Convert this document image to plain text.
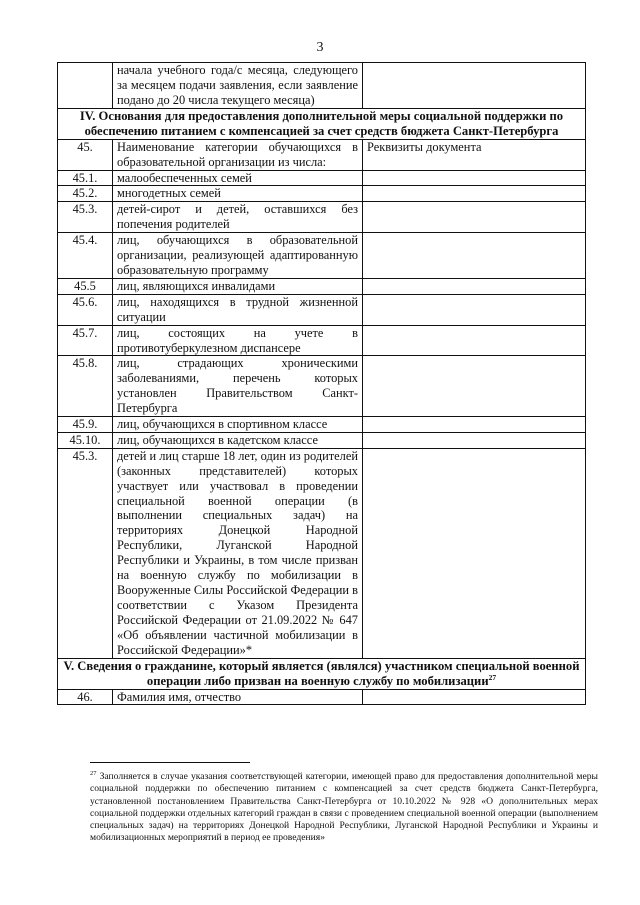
3
	начала учебного года/с месяца, следующего за месяцем подачи заявления, если заявление подано до 20 числа текущего месяца)	
IV. Основания для предоставления дополнительной меры социальной поддержки по обеспечению питанием с компенсацией за счет средств бюджета Санкт-Петербурга		
45.	Наименование категории обучающихся в образовательной организации из числа:	Реквизиты документа
45.1.	малообеспеченных семей	
45.2.	многодетных семей	
45.3.	детей-сирот и детей, оставшихся без попечения родителей	
45.4.	лиц, обучающихся в образовательной организации, реализующей адаптированную образовательную программу	
45.5	лиц, являющихся инвалидами	
45.6.	лиц, находящихся в трудной жизненной ситуации	
45.7.	лиц, состоящих на учете в противотуберкулезном диспансере	
45.8.	лиц, страдающих хроническими заболеваниями, перечень которых установлен Правительством Санкт-Петербурга	
45.9.	лиц, обучающихся в спортивном классе	
45.10.	лиц, обучающихся в кадетском классе	
45.3.	детей и лиц старше 18 лет, один из родителей (законных представителей) которых участвует или участвовал в проведении специальной военной операции (в выполнении специальных задач) на территориях Донецкой Народной Республики, Луганской Народной Республики и Украины, в том числе призван на военную службу по мобилизации в Вооруженные Силы Российской Федерации в соответствии с Указом Президента Российской Федерации от 21.09.2022 № 647 «Об объявлении частичной мобилизации в Российской Федерации»*	
V. Сведения о гражданине, который является (являлся) участником специальной военной операции либо призван на военную службу по мобилизации$^{27}$
46.	Фамилия имя, отчество	
$^{27}$ Заполняется в случае указания соответствующей категории, имеющей право для предоставления дополнительной меры социальной поддержки по обеспечению питанием с компенсацией за счет средств бюджета Санкт-Петербурга, установленной постановлением Правительства Санкт-Петербурга от 10.10.2022 № 928 «О дополнительных мерах социальной поддержки отдельных категорий граждан в связи с проведением специальной военной операции (выполнением специальных задач) на территориях Донецкой Народной Республики, Луганской Народной Республики и Украины и мобилизационных мероприятий в период ее проведения»
